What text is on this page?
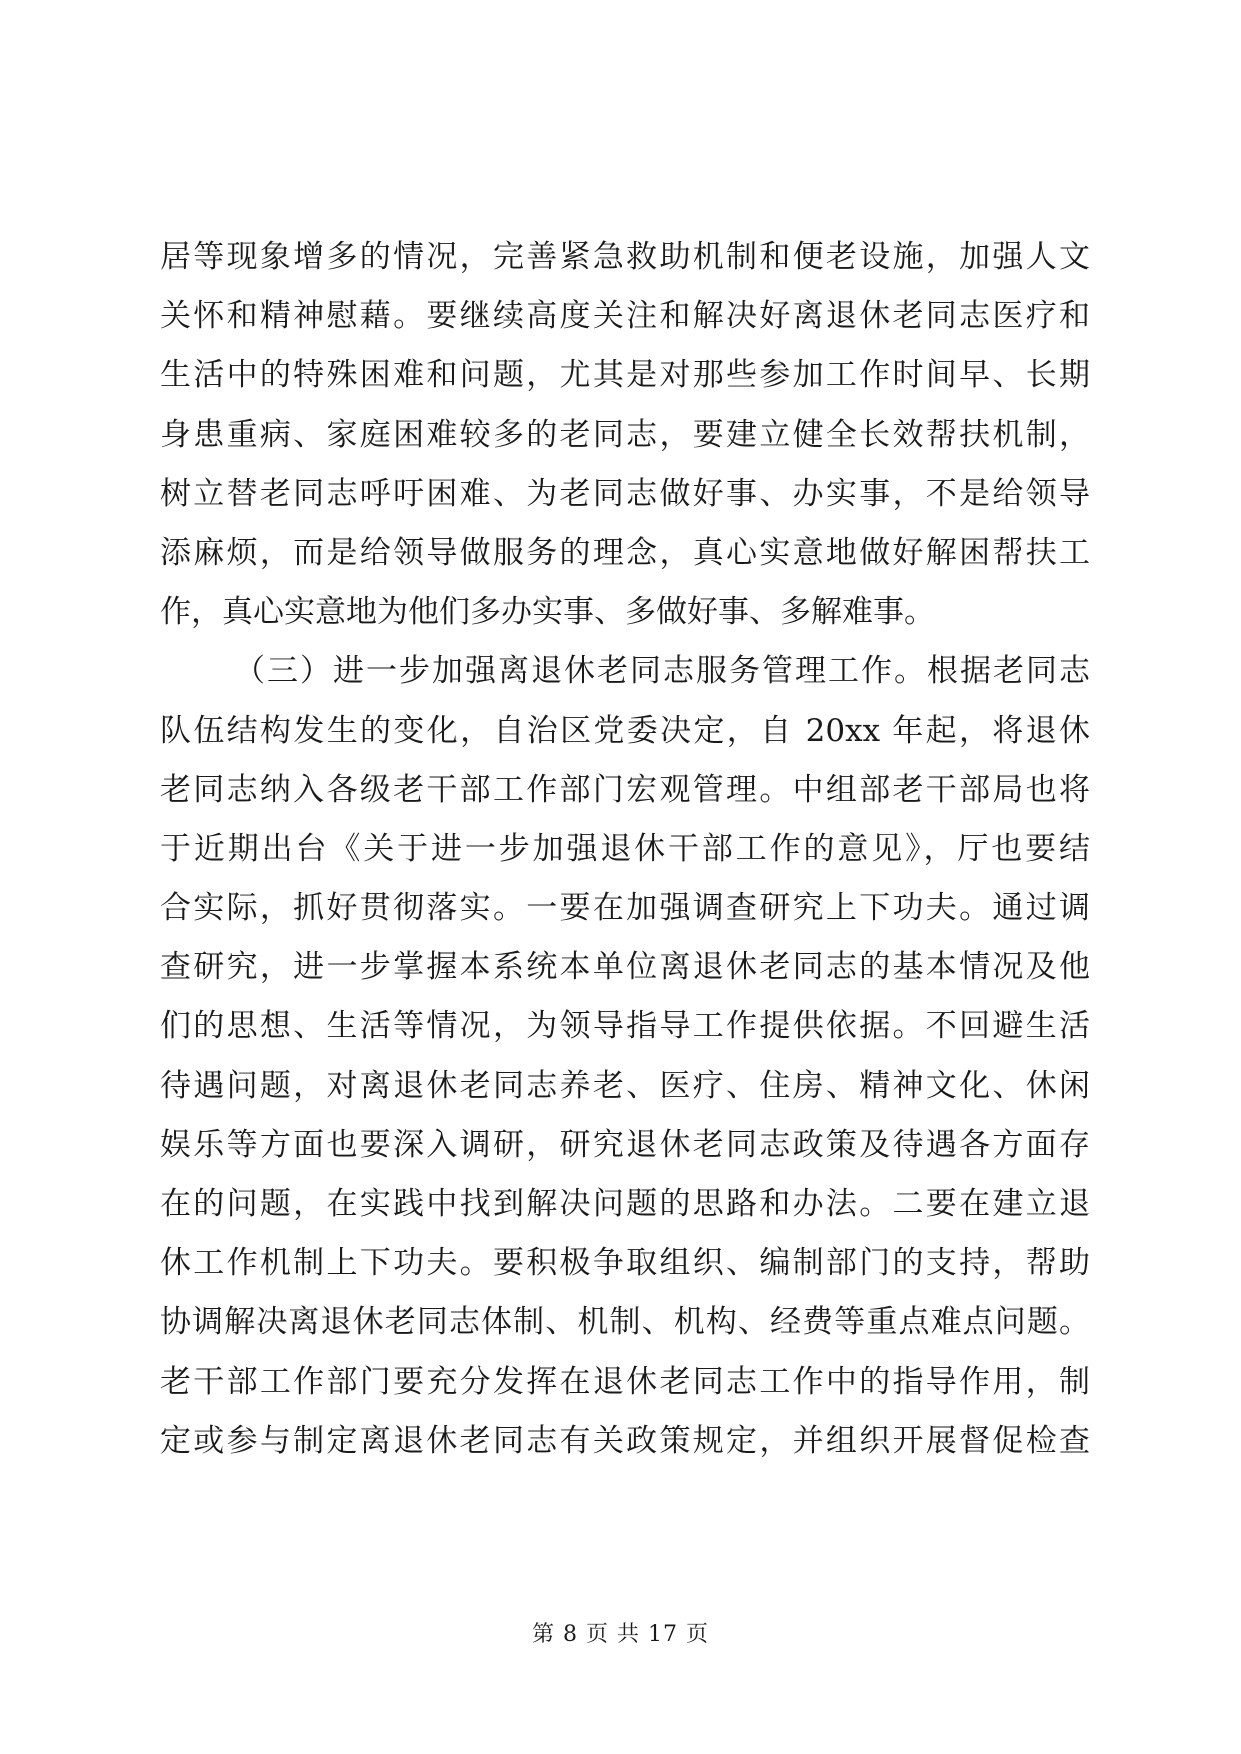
居等现象增多的情况，完善紧急救助机制和便老设施，加强人文
关怀和精神慰藉。要继续高度关注和解决好离退休老同志医疗和
生活中的特殊困难和问题，尤其是对那些参加工作时间早、长期
身患重病、家庭困难较多的老同志，要建立健全长效帮扶机制，
树立替老同志呼吁困难、为老同志做好事、办实事，不是给领导
添麻烦，而是给领导做服务的理念，真心实意地做好解困帮扶工
作，真心实意地为他们多办实事、多做好事、多解难事。
（三）进一步加强离退休老同志服务管理工作。根据老同志
队伍结构发生的变化，自治区党委决定，自 20xx 年起，将退休
老同志纳入各级老干部工作部门宏观管理。中组部老干部局也将
于近期出台《关于进一步加强退休干部工作的意见》，厅也要结
合实际，抓好贯彻落实。一要在加强调查研究上下功夫。通过调
查研究，进一步掌握本系统本单位离退休老同志的基本情况及他
们的思想、生活等情况，为领导指导工作提供依据。不回避生活
待遇问题，对离退休老同志养老、医疗、住房、精神文化、休闲
娱乐等方面也要深入调研，研究退休老同志政策及待遇各方面存
在的问题，在实践中找到解决问题的思路和办法。二要在建立退
休工作机制上下功夫。要积极争取组织、编制部门的支持，帮助
协调解决离退休老同志体制、机制、机构、经费等重点难点问题。
老干部工作部门要充分发挥在退休老同志工作中的指导作用，制
定或参与制定离退休老同志有关政策规定，并组织开展督促检查
第 8 页 共 17 页
